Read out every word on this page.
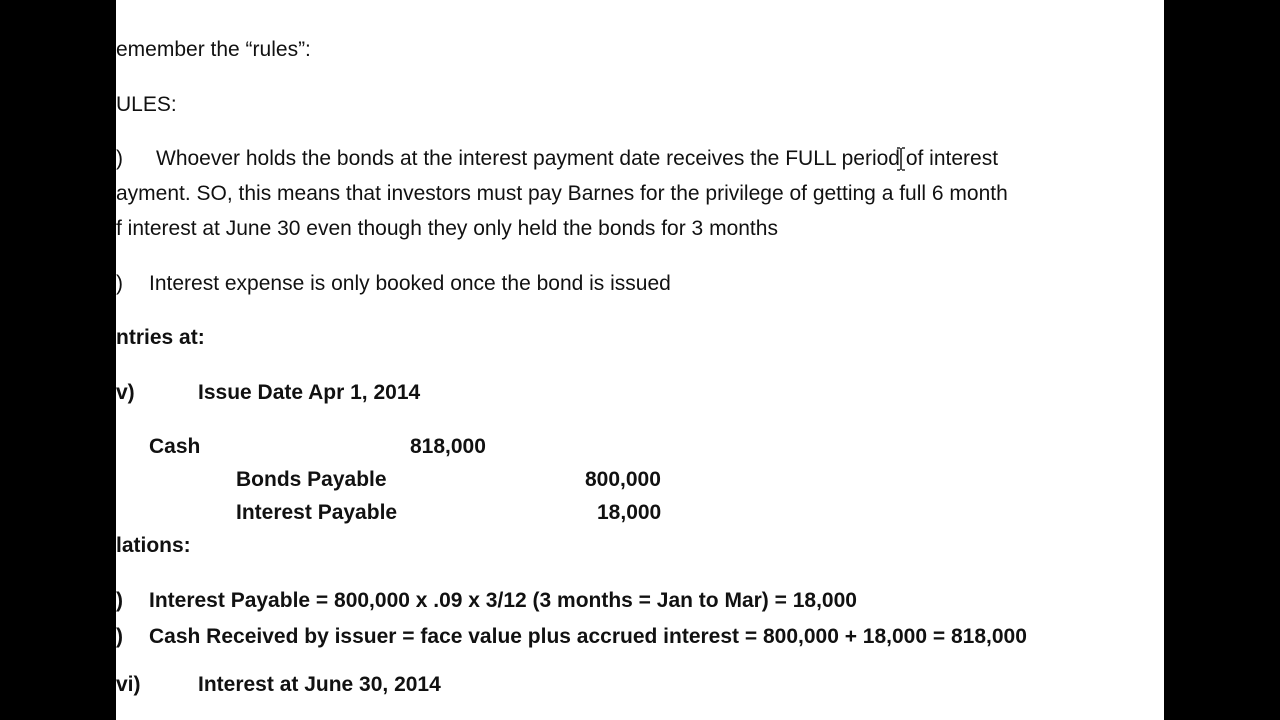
emember the “rules”:
ULES:
) Whoever holds the bonds at the interest payment date receives the FULL period of interest
ayment. SO, this means that investors must pay Barnes for the privilege of getting a full 6 month
f interest at June 30 even though they only held the bonds for 3 months
) Interest expense is only booked once the bond is issued
ntries at:
v)	Issue Date Apr 1, 2014
Cash	818,000
Bonds Payable	800,000
Interest Payable	18,000
lations:
) Interest Payable = 800,000 x .09 x 3/12 (3 months = Jan to Mar) = 18,000
) Cash Received by issuer = face value plus accrued interest = 800,000 + 18,000 = 818,000
vi)	Interest at June 30, 2014
